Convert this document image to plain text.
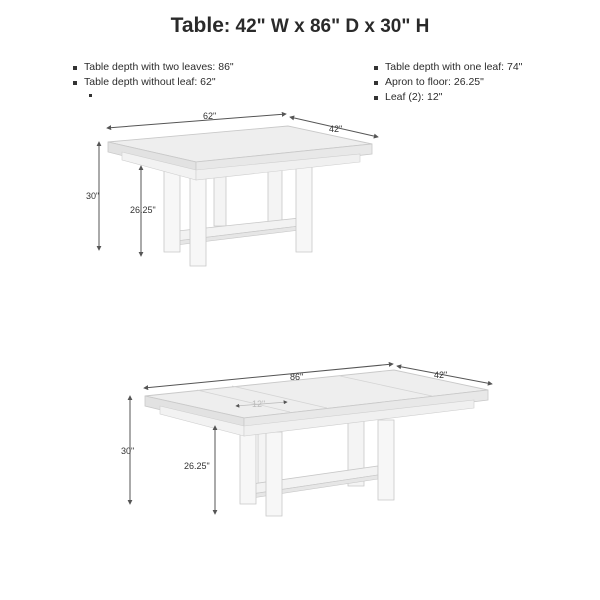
Table: 42" W x 86" D x 30" H
Table depth with two leaves: 86"
Table depth without leaf: 62"
Table depth with one leaf: 74"
Apron to floor: 26.25"
Leaf (2): 12"
62"
42"
30"
26.25"
86"	42"
12"
30"
26.25"
